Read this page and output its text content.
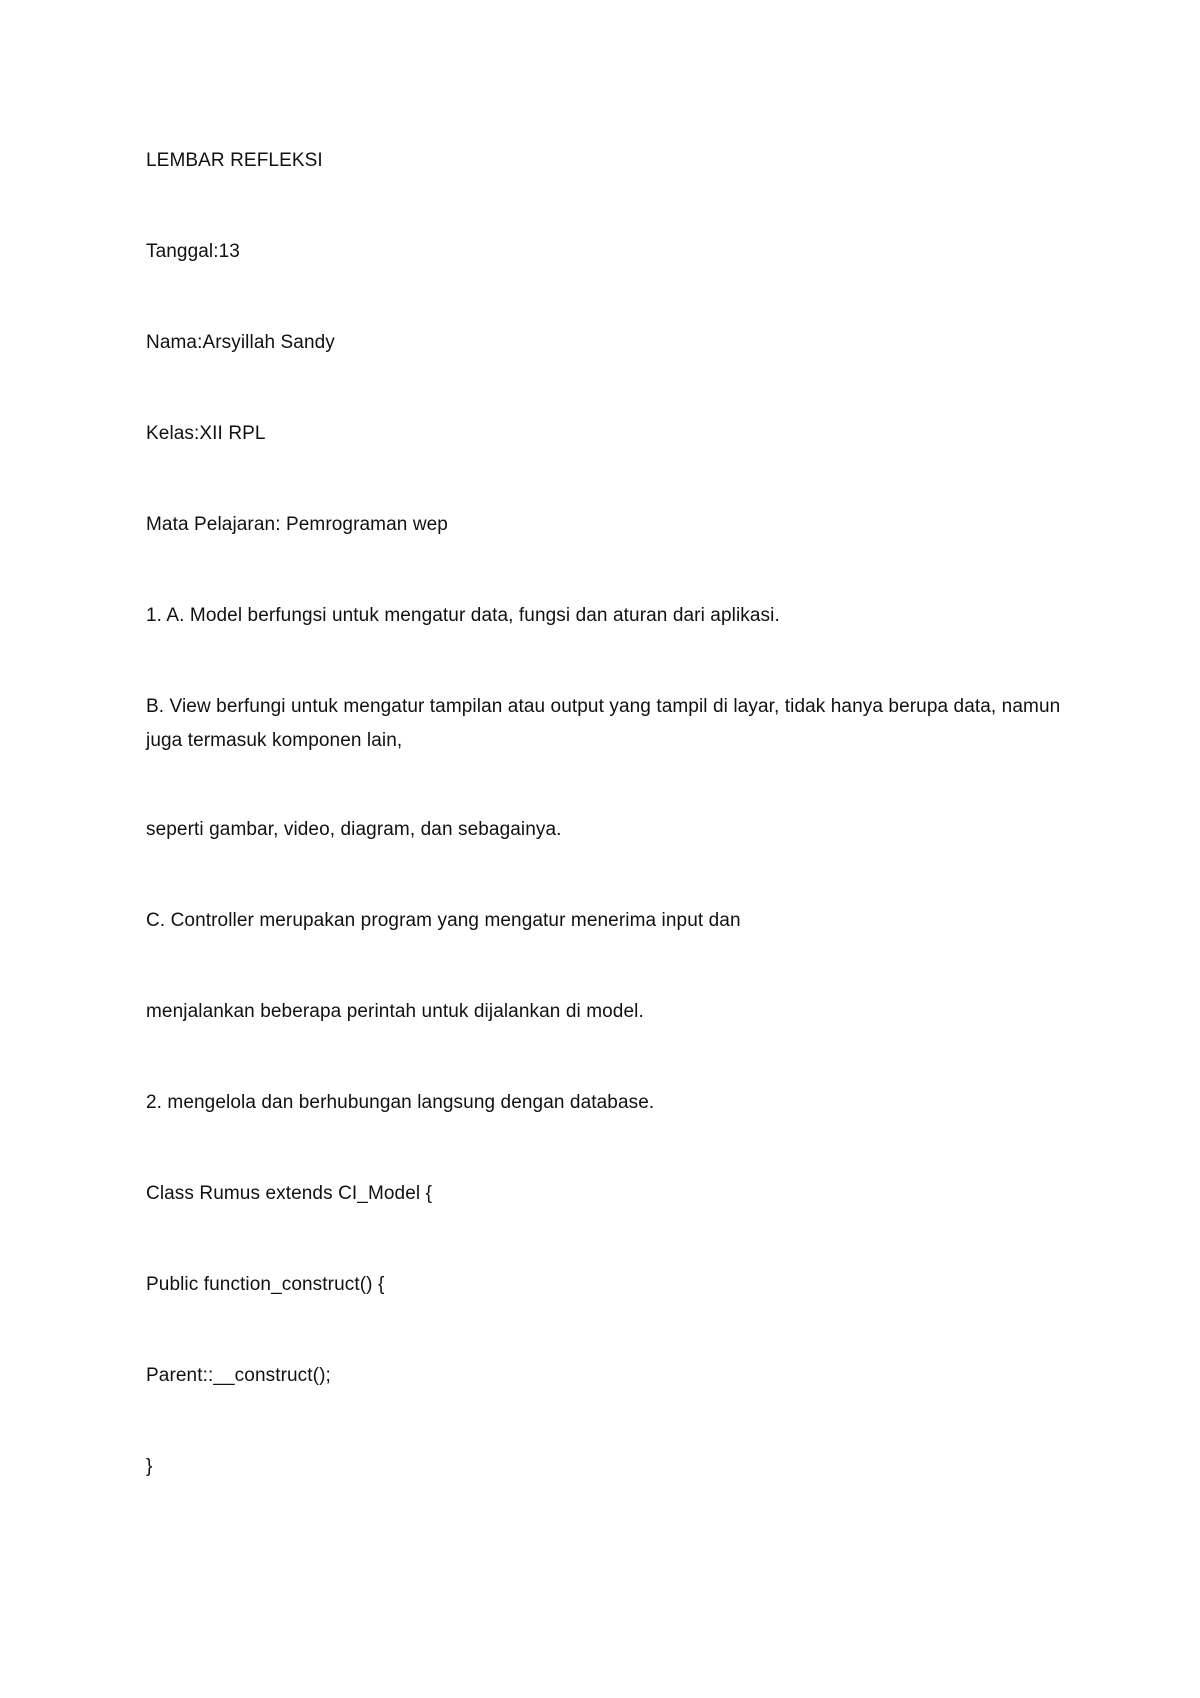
LEMBAR REFLEKSI

Tanggal:13

Nama:Arsyillah Sandy

Kelas:XII RPL

Mata Pelajaran: Pemrograman wep

1. A. Model berfungsi untuk mengatur data, fungsi dan aturan dari aplikasi.

B. View berfungi untuk mengatur tampilan atau output yang tampil di layar, tidak hanya berupa data, namun juga termasuk komponen lain,

seperti gambar, video, diagram, dan sebagainya.

C. Controller merupakan program yang mengatur menerima input dan

menjalankan beberapa perintah untuk dijalankan di model.

2. mengelola dan berhubungan langsung dengan database.

Class Rumus extends CI_Model {

Public function_construct() {

Parent::__construct();

}
